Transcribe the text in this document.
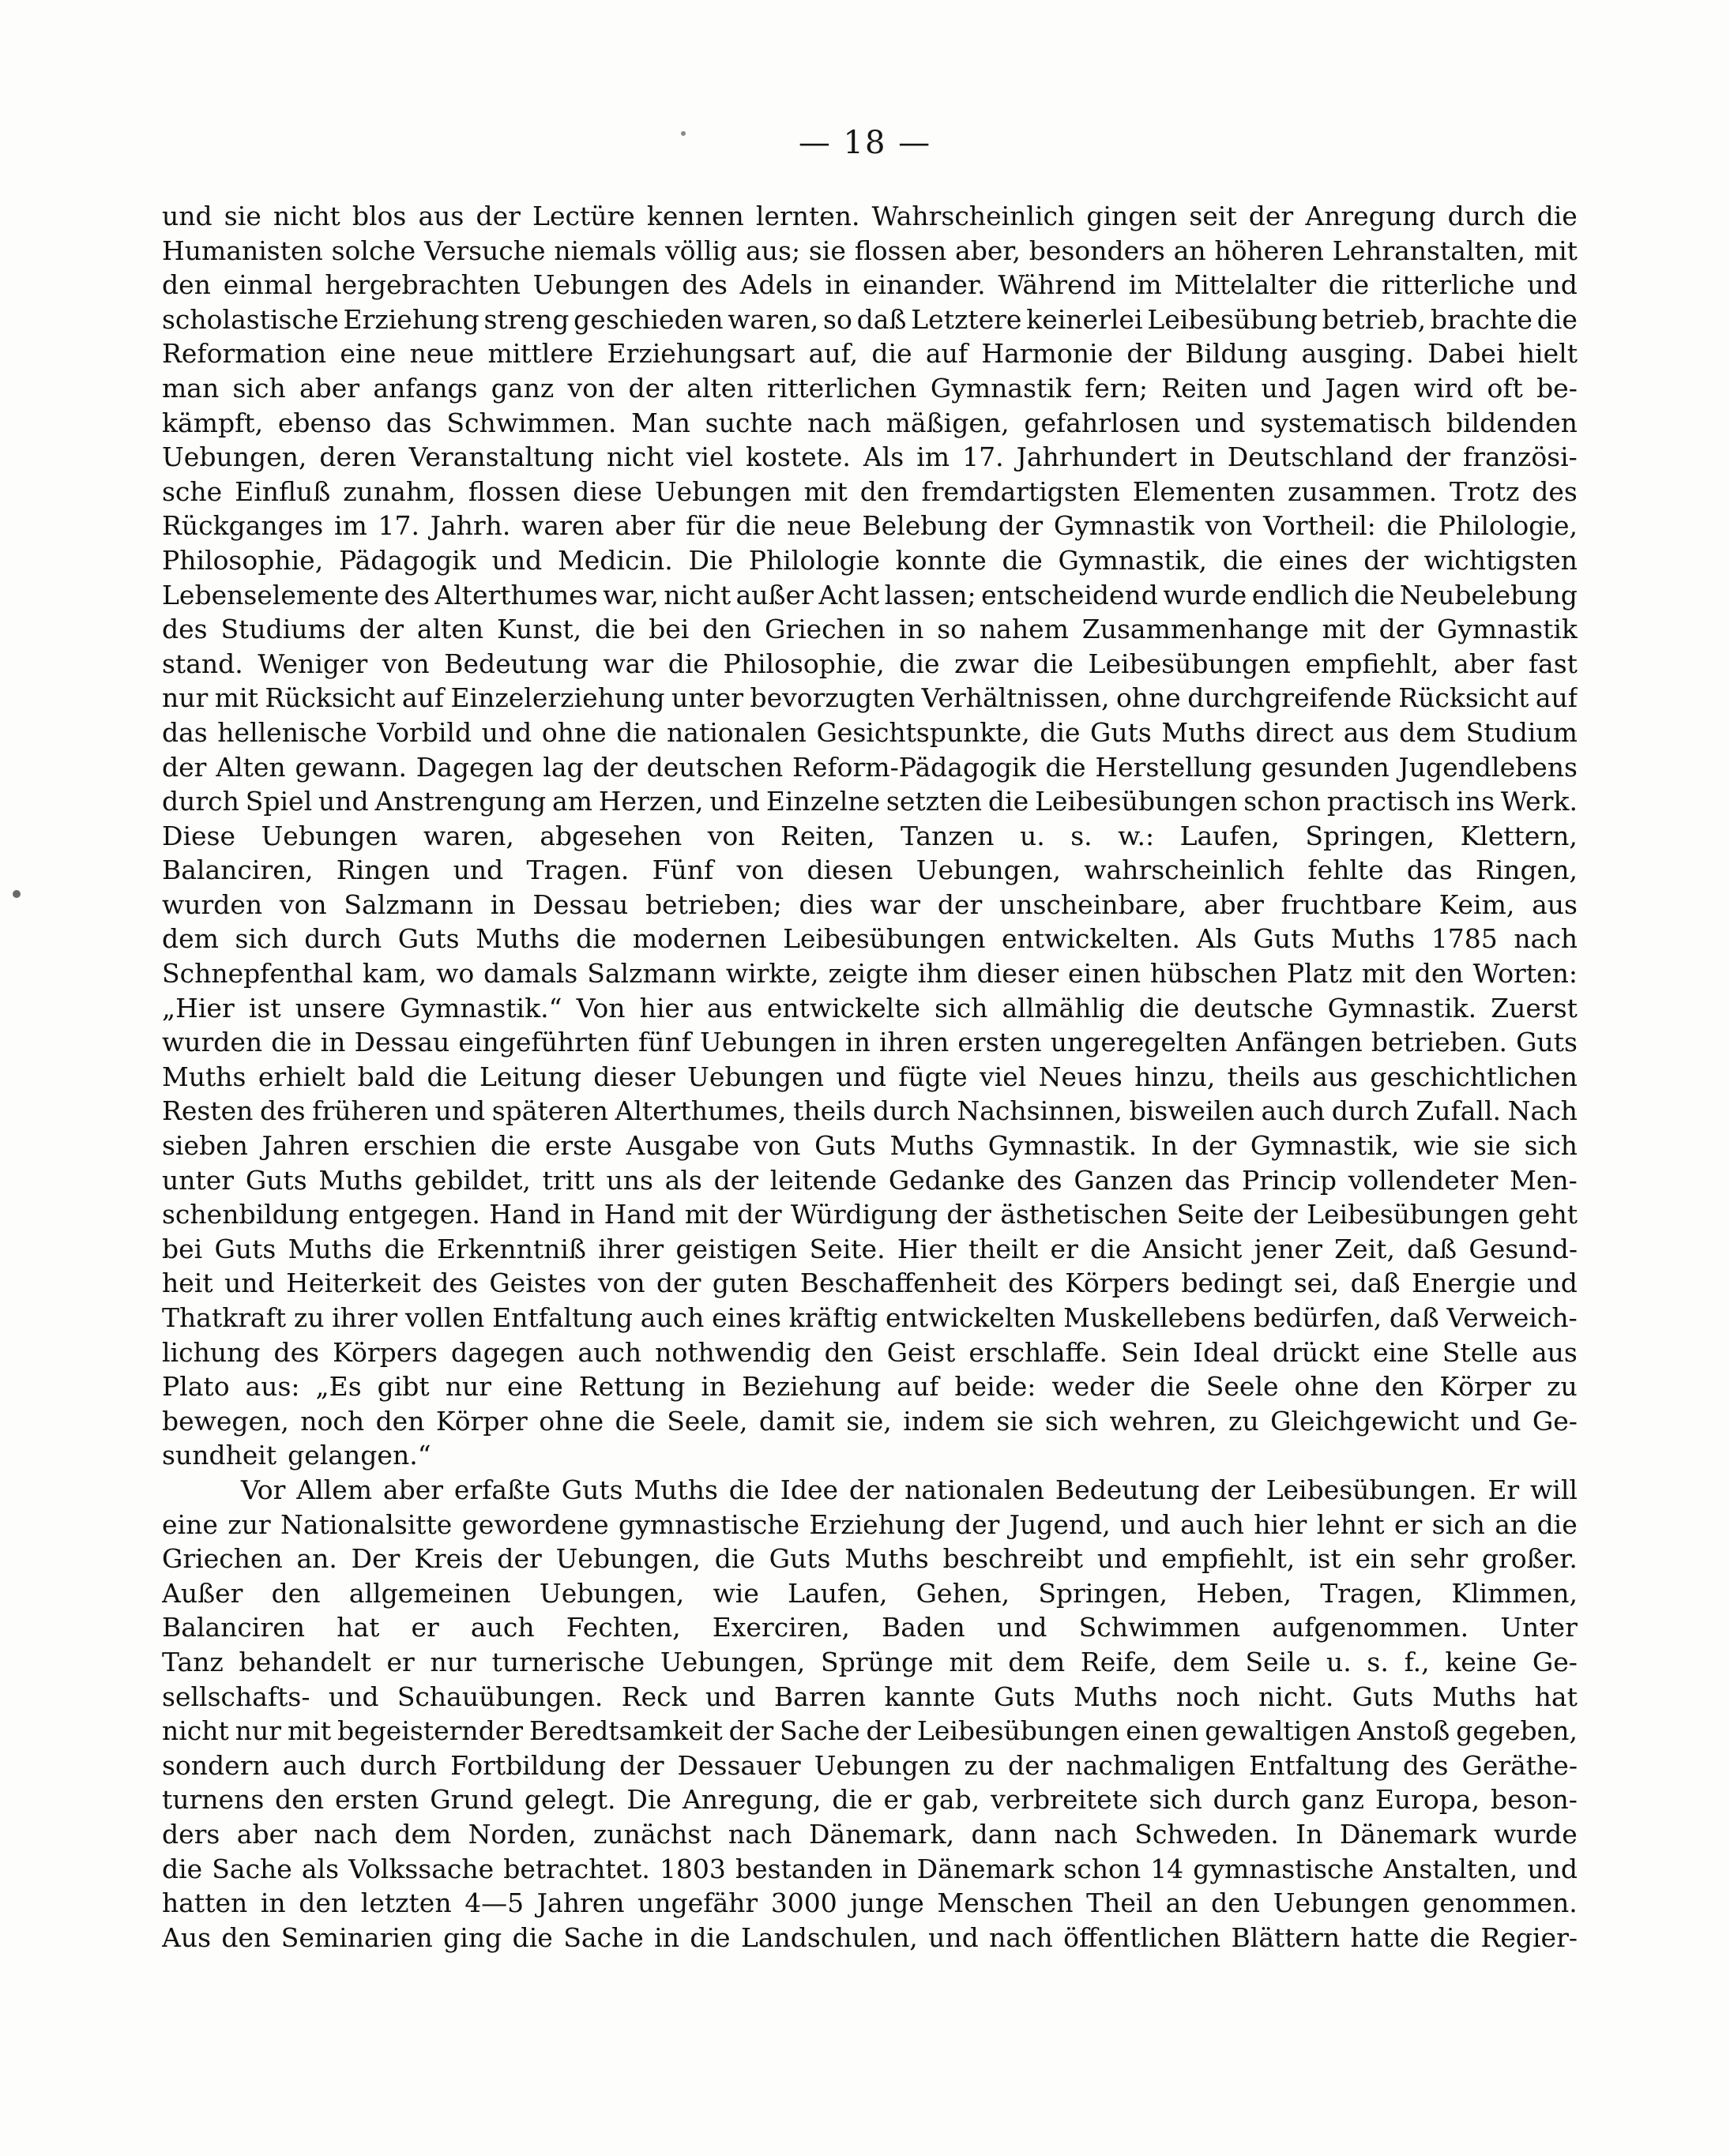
— 18 —
und sie nicht blos aus der Lectüre kennen lernten. Wahrscheinlich gingen seit der Anregung durch die
Humanisten solche Versuche niemals völlig aus; sie flossen aber, besonders an höheren Lehranstalten, mit
den einmal hergebrachten Uebungen des Adels in einander. Während im Mittelalter die ritterliche und
scholastische Erziehung streng geschieden waren, so daß Letztere keinerlei Leibesübung betrieb, brachte die
Reformation eine neue mittlere Erziehungsart auf, die auf Harmonie der Bildung ausging. Dabei hielt
man sich aber anfangs ganz von der alten ritterlichen Gymnastik fern; Reiten und Jagen wird oft be-
kämpft, ebenso das Schwimmen. Man suchte nach mäßigen, gefahrlosen und systematisch bildenden
Uebungen, deren Veranstaltung nicht viel kostete. Als im 17. Jahrhundert in Deutschland der französi-
sche Einfluß zunahm, flossen diese Uebungen mit den fremdartigsten Elementen zusammen. Trotz des
Rückganges im 17. Jahrh. waren aber für die neue Belebung der Gymnastik von Vortheil: die Philologie,
Philosophie, Pädagogik und Medicin. Die Philologie konnte die Gymnastik, die eines der wichtigsten
Lebenselemente des Alterthumes war, nicht außer Acht lassen; entscheidend wurde endlich die Neubelebung
des Studiums der alten Kunst, die bei den Griechen in so nahem Zusammenhange mit der Gymnastik
stand. Weniger von Bedeutung war die Philosophie, die zwar die Leibesübungen empfiehlt, aber fast
nur mit Rücksicht auf Einzelerziehung unter bevorzugten Verhältnissen, ohne durchgreifende Rücksicht auf
das hellenische Vorbild und ohne die nationalen Gesichtspunkte, die Guts Muths direct aus dem Studium
der Alten gewann. Dagegen lag der deutschen Reform-Pädagogik die Herstellung gesunden Jugendlebens
durch Spiel und Anstrengung am Herzen, und Einzelne setzten die Leibesübungen schon practisch ins Werk.
Diese Uebungen waren, abgesehen von Reiten, Tanzen u. s. w.: Laufen, Springen, Klettern,
Balanciren, Ringen und Tragen. Fünf von diesen Uebungen, wahrscheinlich fehlte das Ringen,
wurden von Salzmann in Dessau betrieben; dies war der unscheinbare, aber fruchtbare Keim, aus
dem sich durch Guts Muths die modernen Leibesübungen entwickelten. Als Guts Muths 1785 nach
Schnepfenthal kam, wo damals Salzmann wirkte, zeigte ihm dieser einen hübschen Platz mit den Worten:
„Hier ist unsere Gymnastik.“ Von hier aus entwickelte sich allmählig die deutsche Gymnastik. Zuerst
wurden die in Dessau eingeführten fünf Uebungen in ihren ersten ungeregelten Anfängen betrieben. Guts
Muths erhielt bald die Leitung dieser Uebungen und fügte viel Neues hinzu, theils aus geschichtlichen
Resten des früheren und späteren Alterthumes, theils durch Nachsinnen, bisweilen auch durch Zufall. Nach
sieben Jahren erschien die erste Ausgabe von Guts Muths Gymnastik. In der Gymnastik, wie sie sich
unter Guts Muths gebildet, tritt uns als der leitende Gedanke des Ganzen das Princip vollendeter Men-
schenbildung entgegen. Hand in Hand mit der Würdigung der ästhetischen Seite der Leibesübungen geht
bei Guts Muths die Erkenntniß ihrer geistigen Seite. Hier theilt er die Ansicht jener Zeit, daß Gesund-
heit und Heiterkeit des Geistes von der guten Beschaffenheit des Körpers bedingt sei, daß Energie und
Thatkraft zu ihrer vollen Entfaltung auch eines kräftig entwickelten Muskellebens bedürfen, daß Verweich-
lichung des Körpers dagegen auch nothwendig den Geist erschlaffe. Sein Ideal drückt eine Stelle aus
Plato aus: „Es gibt nur eine Rettung in Beziehung auf beide: weder die Seele ohne den Körper zu
bewegen, noch den Körper ohne die Seele, damit sie, indem sie sich wehren, zu Gleichgewicht und Ge-
sundheit gelangen.“
Vor Allem aber erfaßte Guts Muths die Idee der nationalen Bedeutung der Leibesübungen. Er will
eine zur Nationalsitte gewordene gymnastische Erziehung der Jugend, und auch hier lehnt er sich an die
Griechen an. Der Kreis der Uebungen, die Guts Muths beschreibt und empfiehlt, ist ein sehr großer.
Außer den allgemeinen Uebungen, wie Laufen, Gehen, Springen, Heben, Tragen, Klimmen,
Balanciren hat er auch Fechten, Exerciren, Baden und Schwimmen aufgenommen. Unter
Tanz behandelt er nur turnerische Uebungen, Sprünge mit dem Reife, dem Seile u. s. f., keine Ge-
sellschafts- und Schauübungen. Reck und Barren kannte Guts Muths noch nicht. Guts Muths hat
nicht nur mit begeisternder Beredtsamkeit der Sache der Leibesübungen einen gewaltigen Anstoß gegeben,
sondern auch durch Fortbildung der Dessauer Uebungen zu der nachmaligen Entfaltung des Geräthe-
turnens den ersten Grund gelegt. Die Anregung, die er gab, verbreitete sich durch ganz Europa, beson-
ders aber nach dem Norden, zunächst nach Dänemark, dann nach Schweden. In Dänemark wurde
die Sache als Volkssache betrachtet. 1803 bestanden in Dänemark schon 14 gymnastische Anstalten, und
hatten in den letzten 4—5 Jahren ungefähr 3000 junge Menschen Theil an den Uebungen genommen.
Aus den Seminarien ging die Sache in die Landschulen, und nach öffentlichen Blättern hatte die Regier-
